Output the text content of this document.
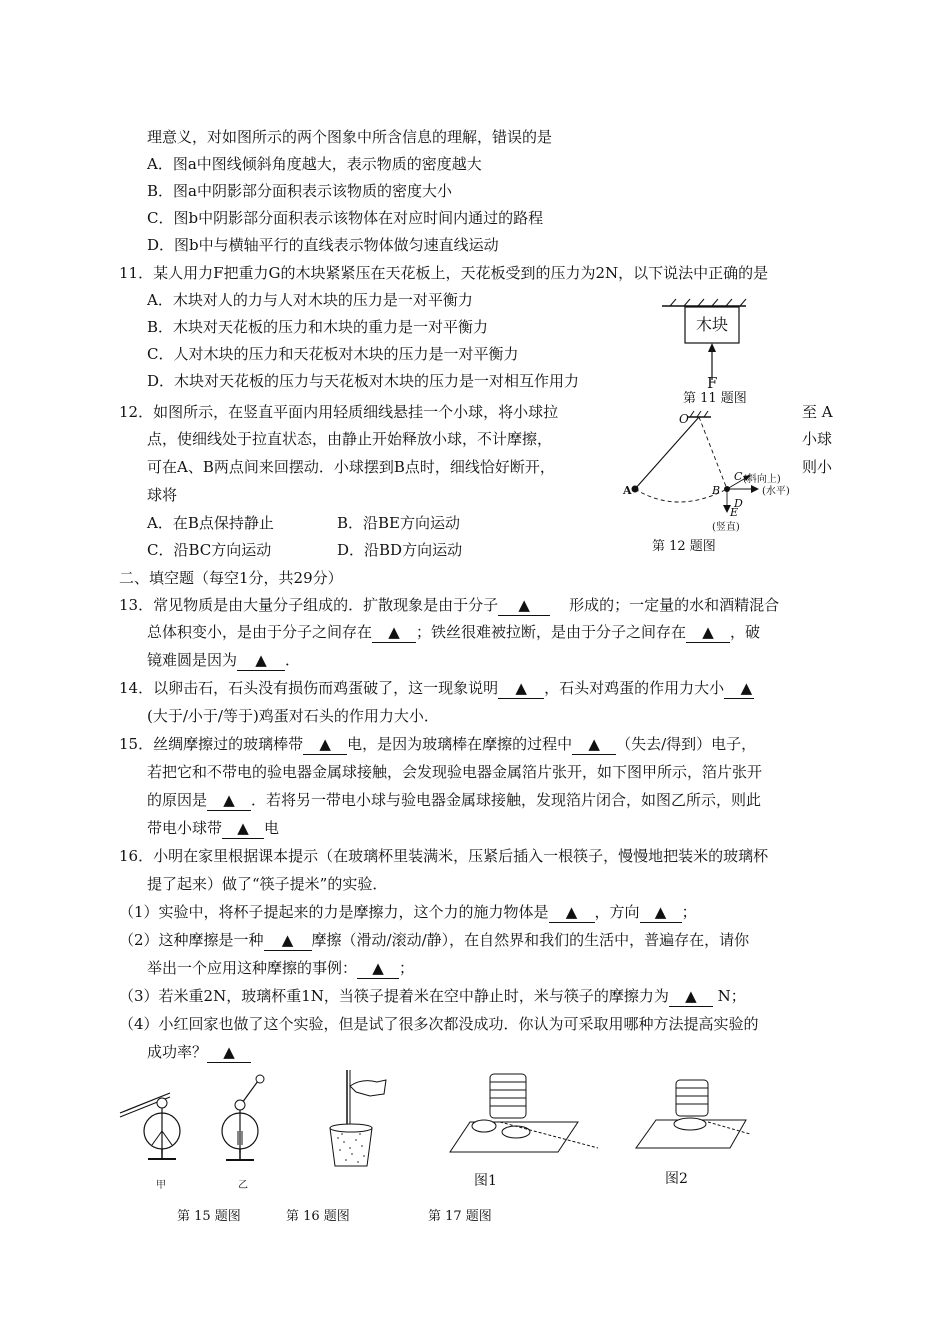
理意义，对如图所示的两个图象中所含信息的理解，错误的是
A．图a中图线倾斜角度越大，表示物质的密度越大
B．图a中阴影部分面积表示该物质的密度大小
C．图b中阴影部分面积表示该物体在对应时间内通过的路程
D．图b中与横轴平行的直线表示物体做匀速直线运动
11．某人用力F把重力G的木块紧紧压在天花板上，天花板受到的压力为2N，以下说法中正确的是
A．木块对人的力与人对木块的压力是一对平衡力
B．木块对天花板的压力和木块的重力是一对平衡力
C．人对木块的压力和天花板对木块的压力是一对平衡力
D．木块对天花板的压力与天花板对木块的压力是一对相互作用力
木块
F
第 11 题图
12．如图所示，在竖直平面内用轻质细线悬挂一个小球，将小球拉	至 A
点，使细线处于拉直状态，由静止开始释放小球，不计摩擦，	小球
可在A、B两点间来回摆动．小球摆到B点时，细线恰好断开，	则小
球将
A．在B点保持静止	B．沿BE方向运动
C．沿BC方向运动	D．沿BD方向运动
O
A	B
C (斜向上)
D
(水平)
E
(竖直)
第 12 题图
二、填空题（每空1分，共29分）
13．常见物质是由大量分子组成的．扩散现象是由于分子 ▲	形成的；一定量的水和酒精混合
总体积变小，是由于分子之间存在 ▲ ；铁丝很难被拉断，是由于分子之间存在 ▲ ，破
镜难圆是因为 ▲ ．
14．以卵击石，石头没有损伤而鸡蛋破了，这一现象说明 ▲ ，石头对鸡蛋的作用力大小 ▲
(大于/小于/等于)鸡蛋对石头的作用力大小．
15．丝绸摩擦过的玻璃棒带 ▲ 电，是因为玻璃棒在摩擦的过程中 ▲ （失去/得到）电子，
若把它和不带电的验电器金属球接触，会发现验电器金属箔片张开，如下图甲所示，箔片张开
的原因是 ▲ ．若将另一带电小球与验电器金属球接触，发现箔片闭合，如图乙所示，则此
带电小球带 ▲ 电
16．小明在家里根据课本提示（在玻璃杯里装满米，压紧后插入一根筷子，慢慢地把装米的玻璃杯
提了起来）做了“筷子提米”的实验．
（1）实验中，将杯子提起来的力是摩擦力，这个力的施力物体是 ▲ ，方向 ▲ ；
（2）这种摩擦是一种 ▲ 摩擦（滑动/滚动/静），在自然界和我们的生活中，普遍存在，请你
举出一个应用这种摩擦的事例： ▲ ；
（3）若米重2N，玻璃杯重1N，当筷子提着米在空中静止时，米与筷子的摩擦力为 ▲ N；
（4）小红回家也做了这个实验，但是试了很多次都没成功．你认为可采取用哪种方法提高实验的
成功率？ ▲
甲	乙	图1	图2
第 15 题图	第 16 题图	第 17 题图
